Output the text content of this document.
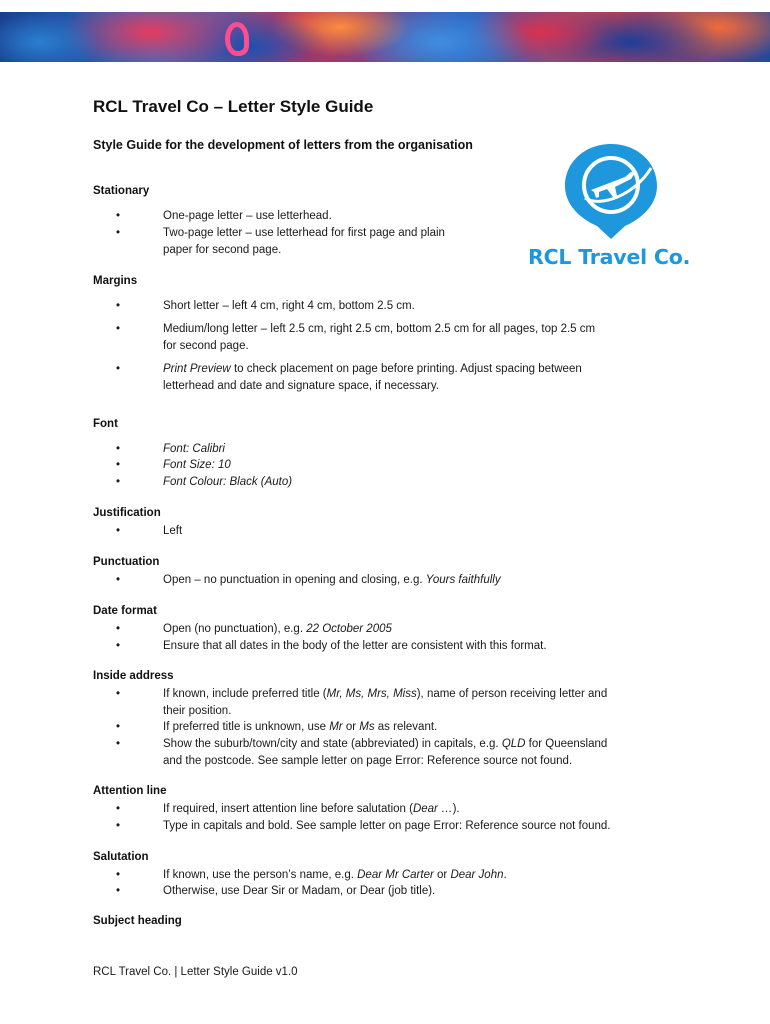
RCL Travel Co – Letter Style Guide
Style Guide for the development of letters from the organisation
RCL Travel Co.
Stationary
•	One-page letter – use letterhead.
•	Two-page letter – use letterhead for first page and plain
paper for second page.
Margins
•	Short letter – left 4 cm, right 4 cm, bottom 2.5 cm.
•	Medium/long letter – left 2.5 cm, right 2.5 cm, bottom 2.5 cm for all pages, top 2.5 cm
for second page.
•	Print Preview to check placement on page before printing. Adjust spacing between
letterhead and date and signature space, if necessary.
Font
•	Font: Calibri
•	Font Size: 10
•	Font Colour: Black (Auto)
Justification
•	Left
Punctuation
•	Open – no punctuation in opening and closing, e.g. Yours faithfully
Date format
•	Open (no punctuation), e.g. 22 October 2005
•	Ensure that all dates in the body of the letter are consistent with this format.
Inside address
•	If known, include preferred title (Mr, Ms, Mrs, Miss), name of person receiving letter and
their position.
•	If preferred title is unknown, use Mr or Ms as relevant.
•	Show the suburb/town/city and state (abbreviated) in capitals, e.g. QLD for Queensland
and the postcode. See sample letter on page Error: Reference source not found.
Attention line
•	If required, insert attention line before salutation (Dear …).
•	Type in capitals and bold. See sample letter on page Error: Reference source not found.
Salutation
•	If known, use the person’s name, e.g. Dear Mr Carter or Dear John.
•	Otherwise, use Dear Sir or Madam, or Dear (job title).
Subject heading
RCL Travel Co. | Letter Style Guide v1.0
